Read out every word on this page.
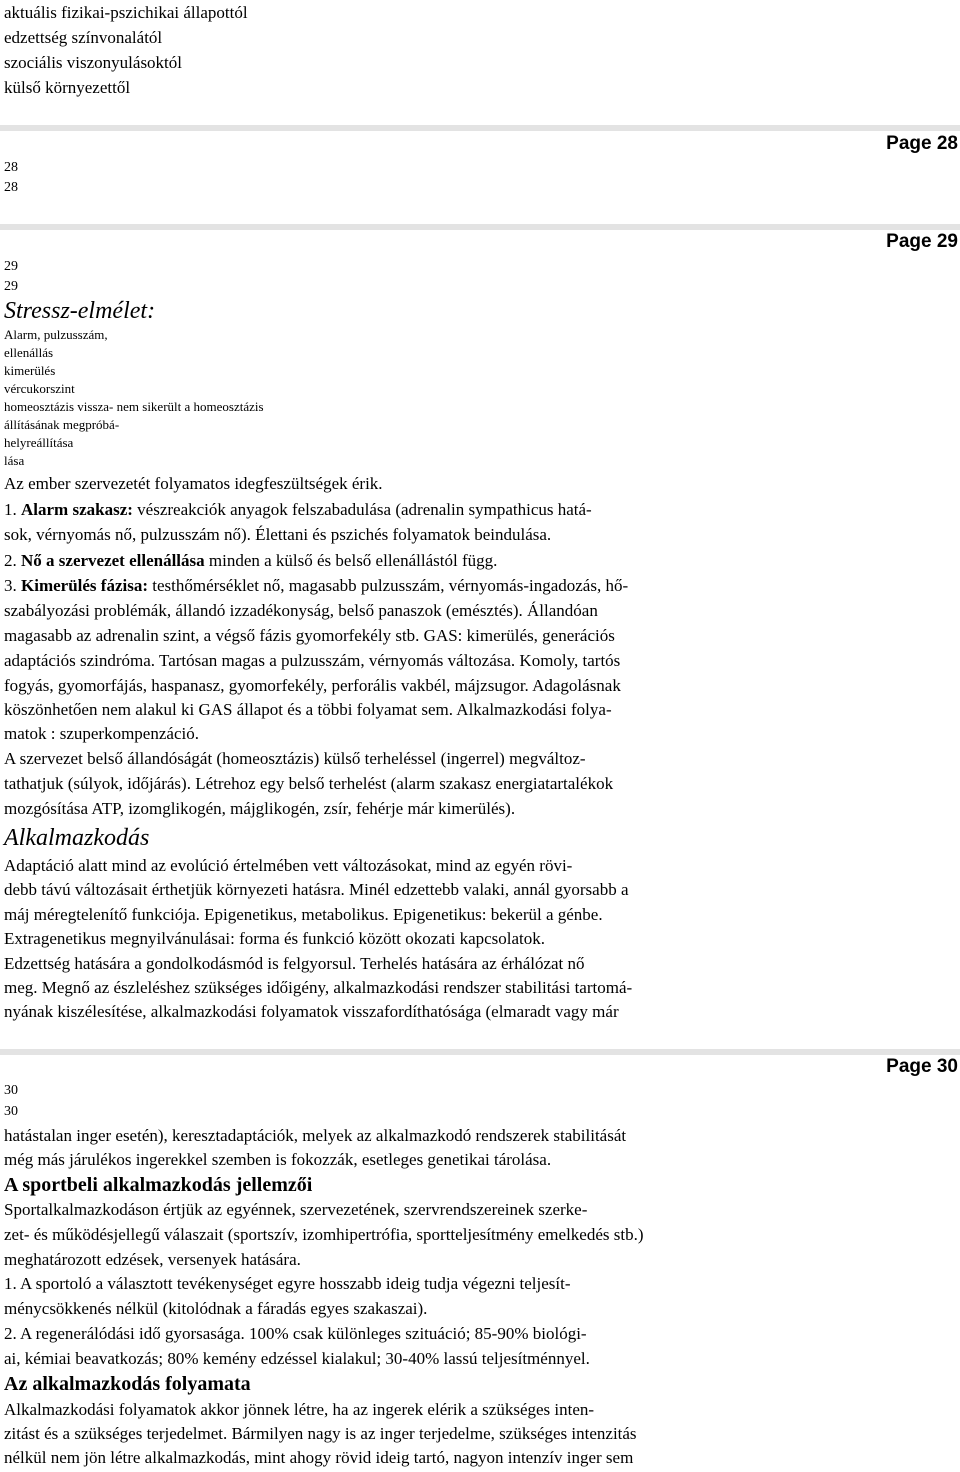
aktuális fizikai-pszichikai állapottól
edzettség színvonalától
szociális viszonyulásoktól
külső környezettől
Page 28
28
28
Page 29
29
29
Stressz-elmélet:
Alarm, pulzusszám,
ellenállás
kimerülés
vércukorszint
homeosztázis vissza- nem sikerült a homeosztázis
állításának megpróbá-
helyreállítása
lása
Az ember szervezetét folyamatos idegfeszültségek érik.
1. Alarm szakasz: vészreakciók anyagok felszabadulása (adrenalin sympathicus hatá-
sok, vérnyomás nő, pulzusszám nő). Élettani és pszichés folyamatok beindulása.
2. Nő a szervezet ellenállása minden a külső és belső ellenállástól függ.
3. Kimerülés fázisa: testhőmérséklet nő, magasabb pulzusszám, vérnyomás-ingadozás, hő-
szabályozási problémák, állandó izzadékonyság, belső panaszok (emésztés). Állandóan
magasabb az adrenalin szint, a végső fázis gyomorfekély stb. GAS: kimerülés, generációs
adaptációs szindróma. Tartósan magas a pulzusszám, vérnyomás változása. Komoly, tartós
fogyás, gyomorfájás, haspanasz, gyomorfekély, perforális vakbél, májzsugor. Adagolásnak
köszönhetően nem alakul ki GAS állapot és a többi folyamat sem. Alkalmazkodási folya-
matok : szuperkompenzáció.
A szervezet belső állandóságát (homeosztázis) külső terheléssel (ingerrel) megváltoz-
tathatjuk (súlyok, időjárás). Létrehoz egy belső terhelést (alarm szakasz energiatartalékok
mozgósítása ATP, izomglikogén, májglikogén, zsír, fehérje már kimerülés).
Alkalmazkodás
Adaptáció alatt mind az evolúció értelmében vett változásokat, mind az egyén rövi-
debb távú változásait érthetjük környezeti hatásra. Minél edzettebb valaki, annál gyorsabb a
máj méregtelenítő funkciója. Epigenetikus, metabolikus. Epigenetikus: bekerül a génbe.
Extragenetikus megnyilvánulásai: forma és funkció között okozati kapcsolatok.
Edzettség hatására a gondolkodásmód is felgyorsul. Terhelés hatására az érhálózat nő
meg. Megnő az észleléshez szükséges időigény, alkalmazkodási rendszer stabilitási tartomá-
nyának kiszélesítése, alkalmazkodási folyamatok visszafordíthatósága (elmaradt vagy már
Page 30
30
30
hatástalan inger esetén), keresztadaptációk, melyek az alkalmazkodó rendszerek stabilitását
még más járulékos ingerekkel szemben is fokozzák, esetleges genetikai tárolása.
A sportbeli alkalmazkodás jellemzői
Sportalkalmazkodáson értjük az egyénnek, szervezetének, szervrendszereinek szerke-
zet- és működésjellegű válaszait (sportszív, izomhipertrófia, sportteljesítmény emelkedés stb.)
meghatározott edzések, versenyek hatására.
1. A sportoló a választott tevékenységet egyre hosszabb ideig tudja végezni teljesít-
ménycsökkenés nélkül (kitolódnak a fáradás egyes szakaszai).
2. A regenerálódási idő gyorsasága. 100% csak különleges szituáció; 85-90% biológi-
ai, kémiai beavatkozás; 80% kemény edzéssel kialakul; 30-40% lassú teljesítménnyel.
Az alkalmazkodás folyamata
Alkalmazkodási folyamatok akkor jönnek létre, ha az ingerek elérik a szükséges inten-
zitást és a szükséges terjedelmet. Bármilyen nagy is az inger terjedelme, szükséges intenzitás
nélkül nem jön létre alkalmazkodás, mint ahogy rövid ideig tartó, nagyon intenzív inger sem
